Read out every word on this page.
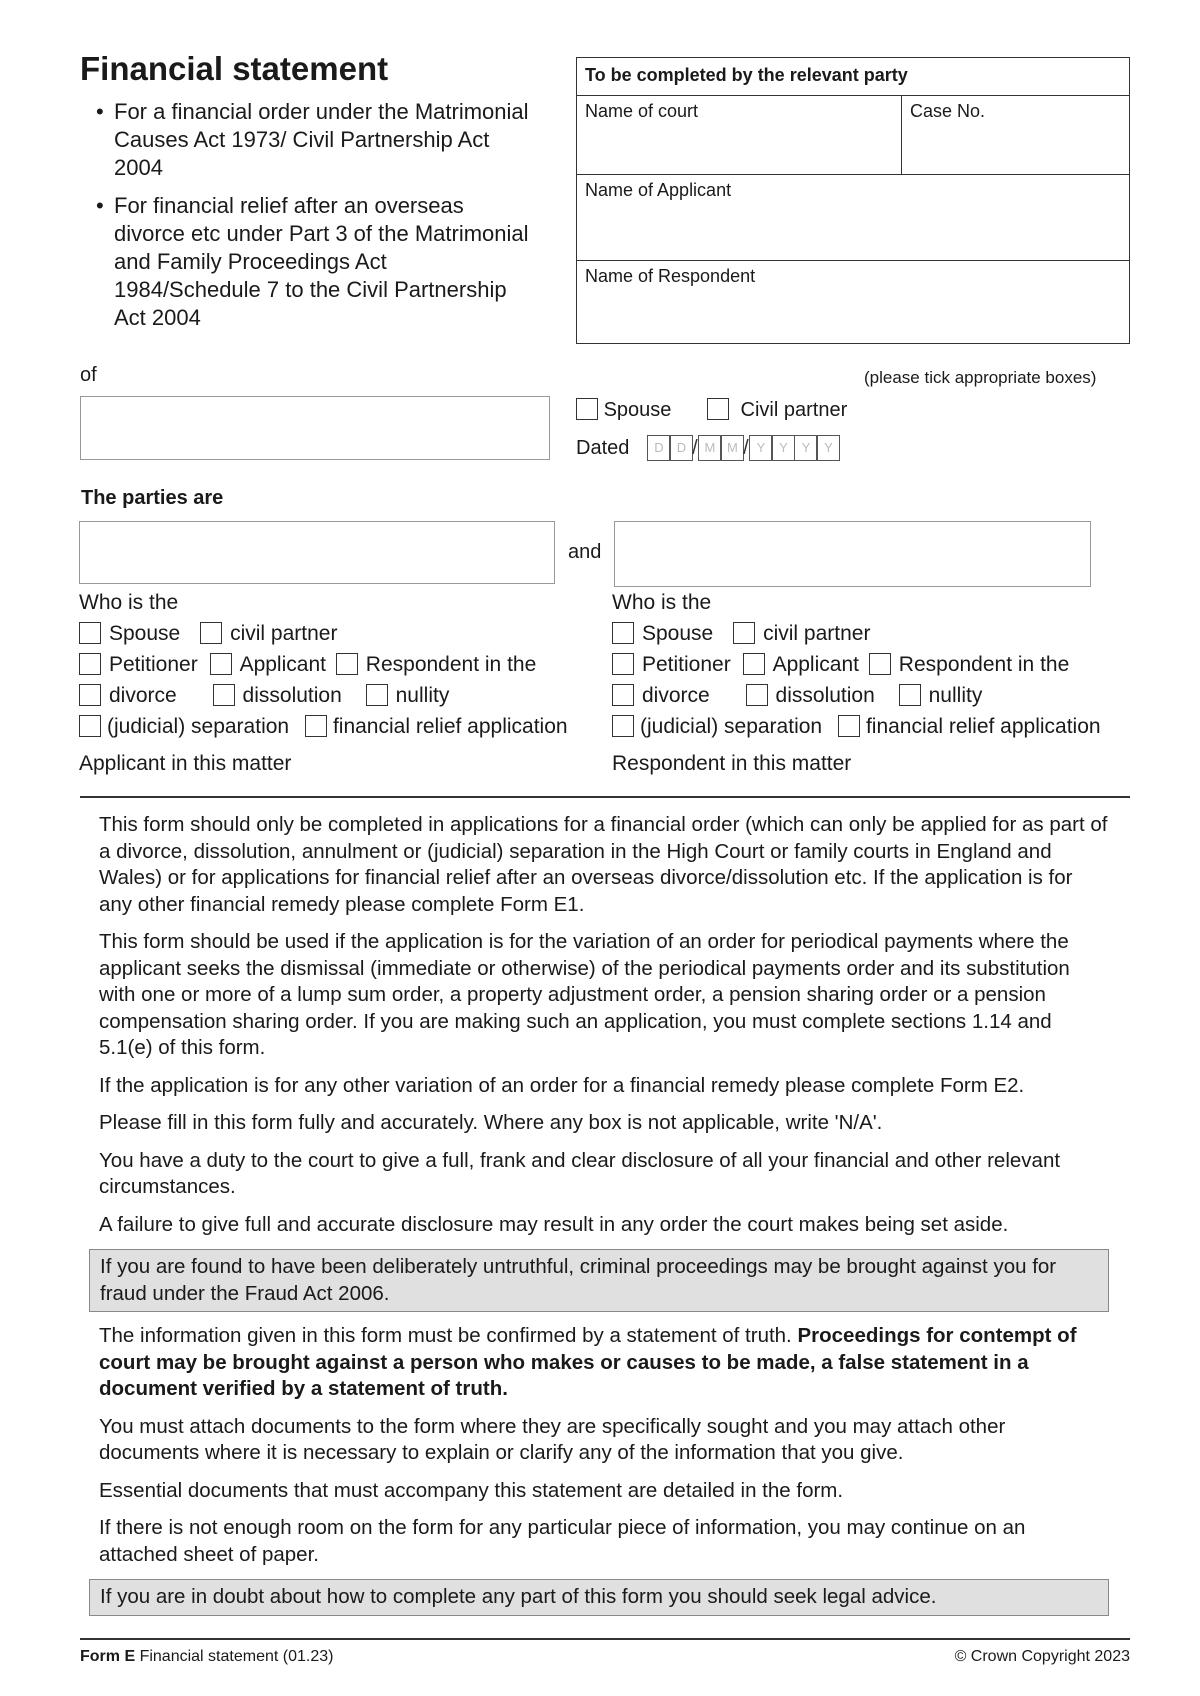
Financial statement
• For a financial order under the Matrimonial Causes Act 1973/ Civil Partnership Act 2004
• For financial relief after an overseas divorce etc under Part 3 of the Matrimonial and Family Proceedings Act 1984/Schedule 7 to the Civil Partnership Act 2004
To be completed by the relevant party
Name of court	Case No.
Name of Applicant
Name of Respondent
of	(please tick appropriate boxes)
Spouse	Civil partner
Dated D D / M M / Y Y Y Y
The parties are
and
Who is the
Spouse civil partner
Petitioner Applicant Respondent in the
divorce	dissolution	nullity
(judicial) separation financial relief application
Applicant in this matter
Who is the
Spouse civil partner
Petitioner Applicant Respondent in the
divorce	dissolution	nullity
(judicial) separation financial relief application
Respondent in this matter

This form should only be completed in applications for a financial order (which can only be applied for as part of a divorce, dissolution, annulment or (judicial) separation in the High Court or family courts in England and Wales) or for applications for financial relief after an overseas divorce/dissolution etc. If the application is for any other financial remedy please complete Form E1.

This form should be used if the application is for the variation of an order for periodical payments where the applicant seeks the dismissal (immediate or otherwise) of the periodical payments order and its substitution with one or more of a lump sum order, a property adjustment order, a pension sharing order or a pension compensation sharing order. If you are making such an application, you must complete sections 1.14 and 5.1(e) of this form.

If the application is for any other variation of an order for a financial remedy please complete Form E2.

Please fill in this form fully and accurately. Where any box is not applicable, write 'N/A'.

You have a duty to the court to give a full, frank and clear disclosure of all your financial and other relevant circumstances.

A failure to give full and accurate disclosure may result in any order the court makes being set aside.

If you are found to have been deliberately untruthful, criminal proceedings may be brought against you for fraud under the Fraud Act 2006.

The information given in this form must be confirmed by a statement of truth. Proceedings for contempt of court may be brought against a person who makes or causes to be made, a false statement in a document verified by a statement of truth.

You must attach documents to the form where they are specifically sought and you may attach other documents where it is necessary to explain or clarify any of the information that you give.

Essential documents that must accompany this statement are detailed in the form.

If there is not enough room on the form for any particular piece of information, you may continue on an attached sheet of paper.

If you are in doubt about how to complete any part of this form you should seek legal advice.
Form E Financial statement (01.23)	© Crown Copyright 2023
